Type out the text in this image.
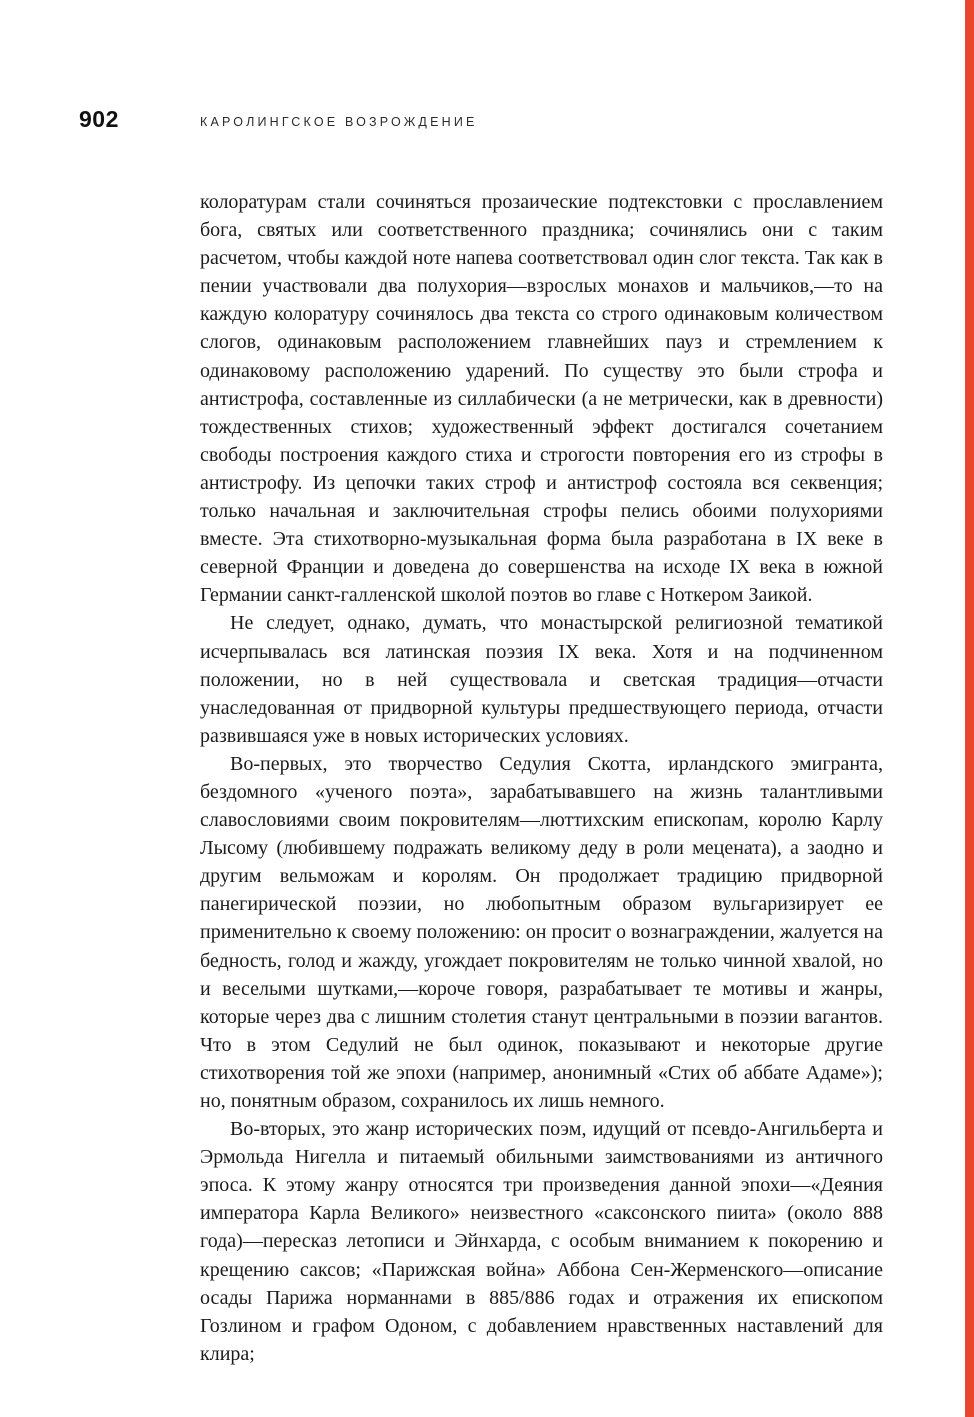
902	КАРОЛИНГСКОЕ ВОЗРОЖДЕНИЕ

колоратурам стали сочиняться прозаические подтекстовки с прославлением бога, святых или соответственного праздника; сочинялись они с таким расчетом, чтобы каждой ноте напева соответствовал один слог текста. Так как в пении участвовали два полухория—взрослых монахов и мальчиков,—то на каждую колоратуру сочинялось два текста со строго одинаковым количеством слогов, одинаковым расположением главнейших пауз и стремлением к одинаковому расположению ударений. По существу это были строфа и антистрофа, составленные из силлабически (а не метрически, как в древности) тождественных стихов; художественный эффект достигался сочетанием свободы построения каждого стиха и строгости повторения его из строфы в антистрофу. Из цепочки таких строф и антистроф состояла вся секвенция; только начальная и заключительная строфы пелись обоими полухориями вместе. Эта стихотворно-музыкальная форма была разработана в IX веке в северной Франции и доведена до совершенства на исходе IX века в южной Германии санкт-галленской школой поэтов во главе с Ноткером Заикой.

Не следует, однако, думать, что монастырской религиозной тематикой исчерпывалась вся латинская поэзия IX века. Хотя и на подчиненном положении, но в ней существовала и светская традиция—отчасти унаследованная от придворной культуры предшествующего периода, отчасти развившаяся уже в новых исторических условиях.

Во-первых, это творчество Седулия Скотта, ирландского эмигранта, бездомного «ученого поэта», зарабатывавшего на жизнь талантливыми славословиями своим покровителям—люттихским епископам, королю Карлу Лысому (любившему подражать великому деду в роли мецената), а заодно и другим вельможам и королям. Он продолжает традицию придворной панегирической поэзии, но любопытным образом вульгаризирует ее применительно к своему положению: он просит о вознаграждении, жалуется на бедность, голод и жажду, угождает покровителям не только чинной хвалой, но и веселыми шутками,—короче говоря, разрабатывает те мотивы и жанры, которые через два с лишним столетия станут центральными в поэзии вагантов. Что в этом Седулий не был одинок, показывают и некоторые другие стихотворения той же эпохи (например, анонимный «Стих об аббате Адаме»); но, понятным образом, сохранилось их лишь немного.

Во-вторых, это жанр исторических поэм, идущий от псевдо-Ангильберта и Эрмольда Нигелла и питаемый обильными заимствованиями из античного эпоса. К этому жанру относятся три произведения данной эпохи—«Деяния императора Карла Великого» неизвестного «саксонского пиита» (около 888 года)—пересказ летописи и Эйнхарда, с особым вниманием к покорению и крещению саксов; «Парижская война» Аббона Сен-Жерменского—описание осады Парижа норманнами в 885/886 годах и отражения их епископом Гозлином и графом Одоном, с добавлением нравственных наставлений для клира;
